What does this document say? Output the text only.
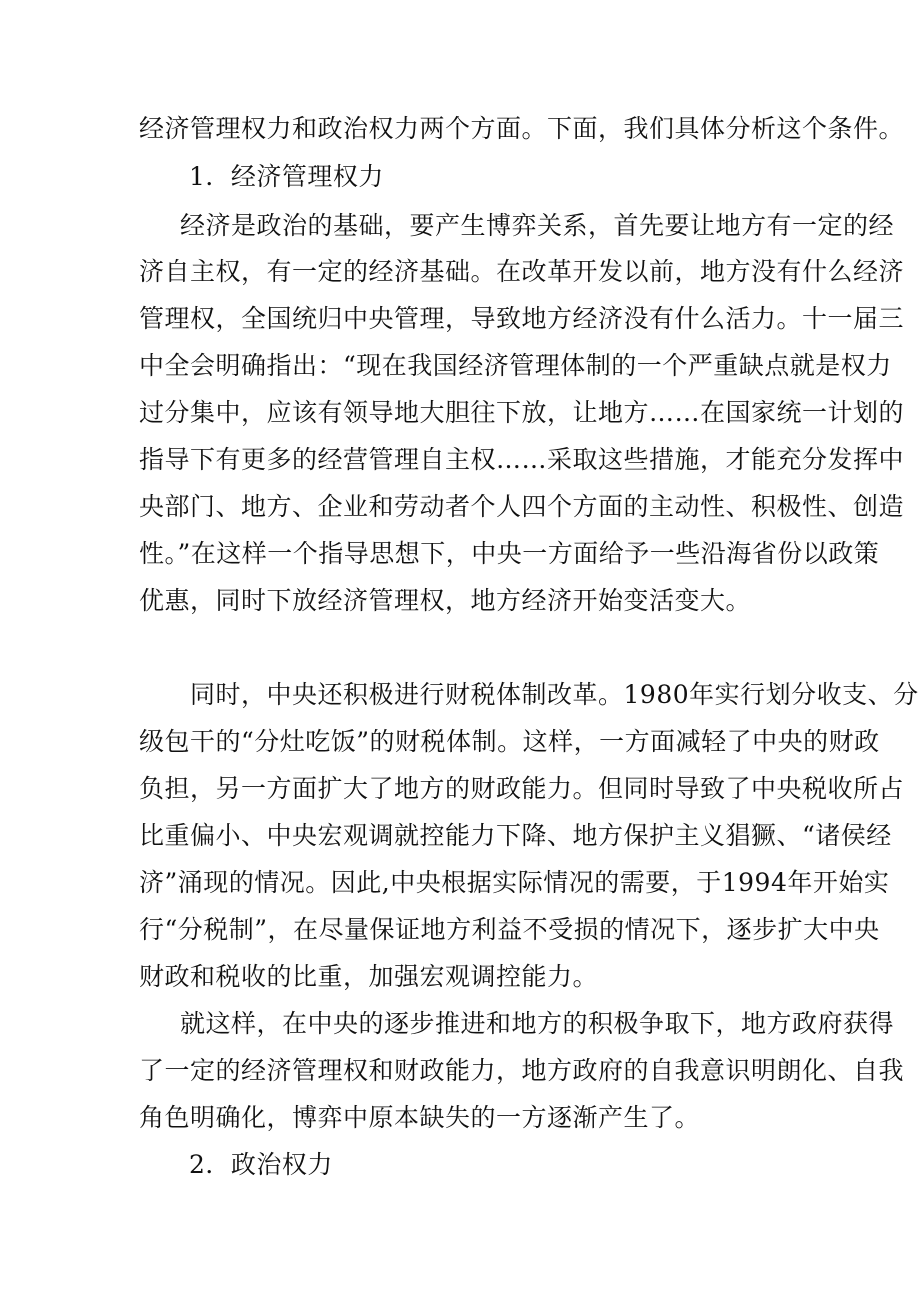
经济管理权力和政治权力两个方面。下面，我们具体分析这个条件。
1．经济管理权力
经济是政治的基础，要产生博弈关系，首先要让地方有一定的经
济自主权，有一定的经济基础。在改革开发以前，地方没有什么经济
管理权，全国统归中央管理，导致地方经济没有什么活力。十一届三
中全会明确指出：“现在我国经济管理体制的一个严重缺点就是权力
过分集中，应该有领导地大胆往下放，让地方……在国家统一计划的
指导下有更多的经营管理自主权……采取这些措施，才能充分发挥中
央部门、地方、企业和劳动者个人四个方面的主动性、积极性、创造
性。”在这样一个指导思想下，中央一方面给予一些沿海省份以政策
优惠，同时下放经济管理权，地方经济开始变活变大。
同时，中央还积极进行财税体制改革。1980年实行划分收支、分
级包干的“分灶吃饭”的财税体制。这样，一方面减轻了中央的财政
负担，另一方面扩大了地方的财政能力。但同时导致了中央税收所占
比重偏小、中央宏观调就控能力下降、地方保护主义猖獗、“诸侯经
济”涌现的情况。因此,中央根据实际情况的需要，于1994年开始实
行“分税制”，在尽量保证地方利益不受损的情况下，逐步扩大中央
财政和税收的比重，加强宏观调控能力。
就这样，在中央的逐步推进和地方的积极争取下，地方政府获得
了一定的经济管理权和财政能力，地方政府的自我意识明朗化、自我
角色明确化，博弈中原本缺失的一方逐渐产生了。
2．政治权力
